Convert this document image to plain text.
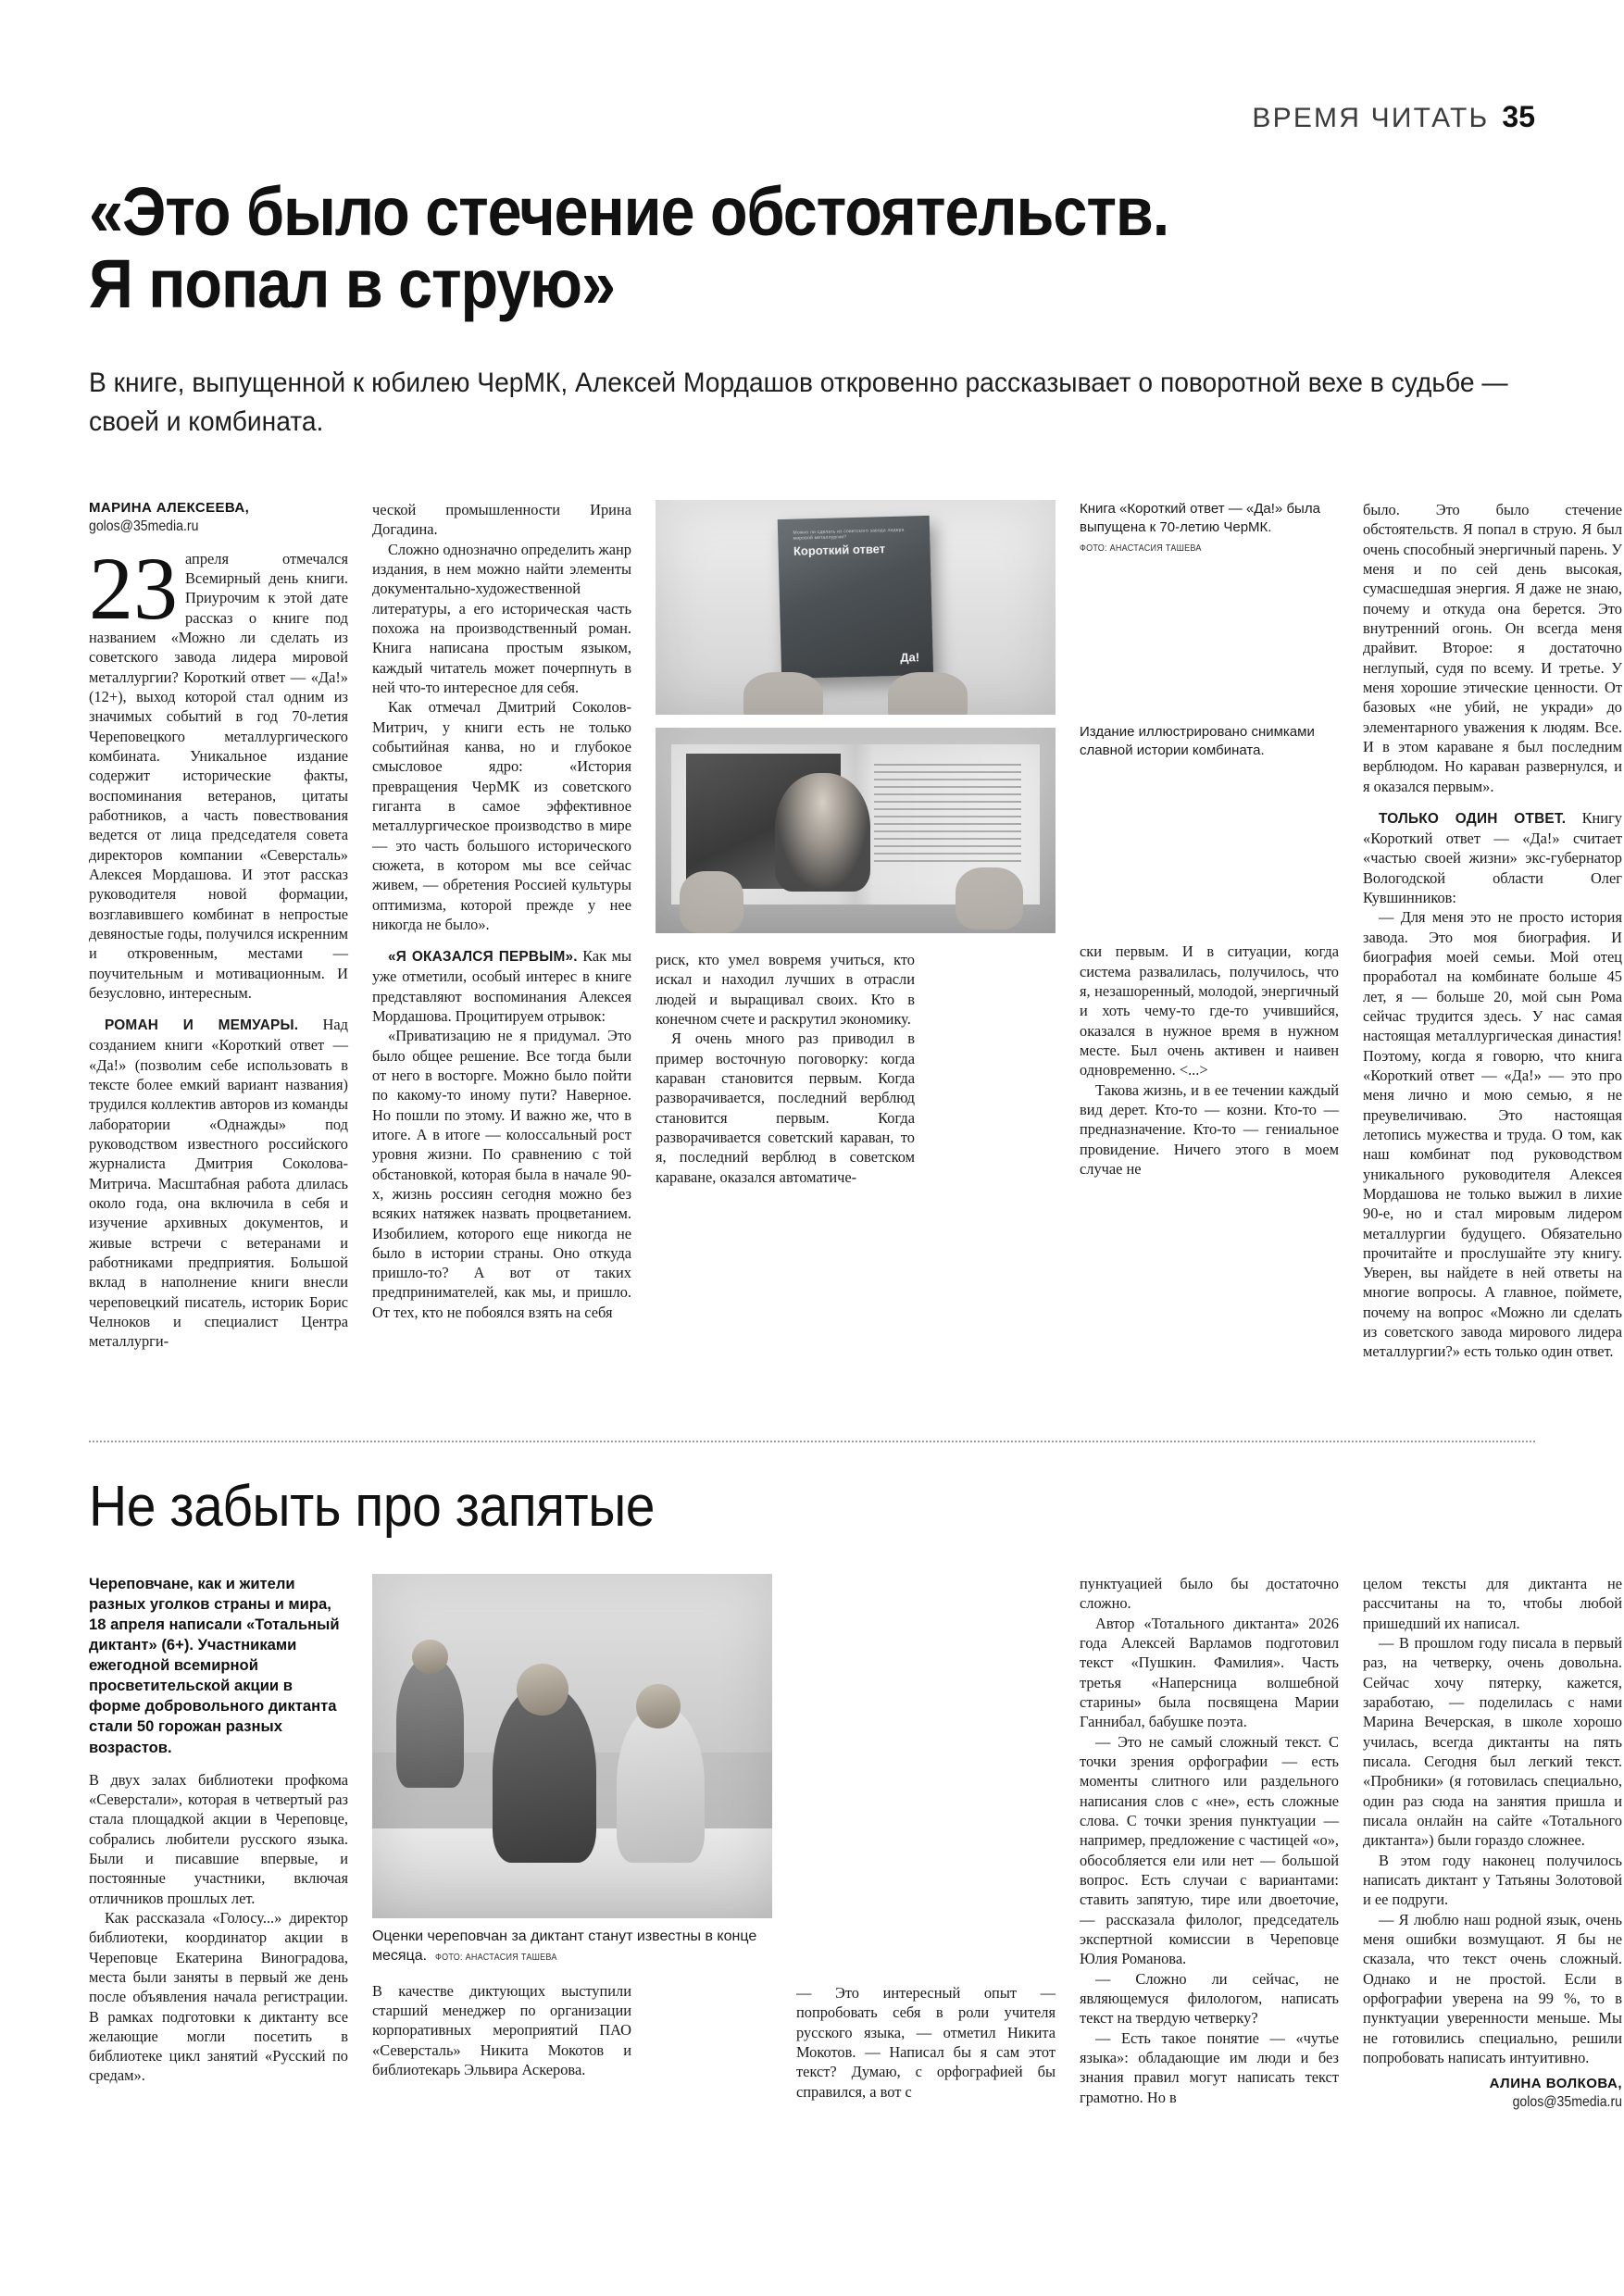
ВРЕМЯ ЧИТАТЬ 35
«Это было стечение обстоятельств.
Я попал в струю»
В книге, выпущенной к юбилею ЧерМК, Алексей Мордашов откровенно рассказывает о поворотной вехе в судьбе — своей и комбината.
МАРИНА АЛЕКСЕЕВА,
golos@35media.ru
23 апреля отмечался Всемирный день книги. Приурочим к этой дате рассказ о книге под названием «Можно ли сделать из советского завода лидера мировой металлургии? Короткий ответ — «Да!» (12+), выход которой стал одним из значимых событий в год 70-летия Череповецкого металлургического комбината. Уникальное издание содержит исторические факты, воспоминания ветеранов, цитаты работников, а часть повествования ведется от лица председателя совета директоров компании «Северсталь» Алексея Мордашова. И этот рассказ руководителя новой формации, возглавившего комбинат в непростые девяностые годы, получился искренним и откровенным, местами — поучительным и мотивационным. И безусловно, интересным.

РОМАН И МЕМУАРЫ. Над созданием книги «Короткий ответ — «Да!» (позволим себе использовать в тексте более емкий вариант названия) трудился коллектив авторов из команды лаборатории «Однажды» под руководством известного российского журналиста Дмитрия Соколова-Митрича. Масштабная работа длилась около года, она включила в себя и изучение архивных документов, и живые встречи с ветеранами и работниками предприятия. Большой вклад в наполнение книги внесли череповецкий писатель, историк Борис Челноков и специалист Центра металлурги-

ческой промышленности Ирина Догадина.

Сложно однозначно определить жанр издания, в нем можно найти элементы документально-художественной литературы, а его историческая часть похожа на производственный роман. Книга написана простым языком, каждый читатель может почерпнуть в ней что-то интересное для себя.

Как отмечал Дмитрий Соколов-Митрич, у книги есть не только событийная канва, но и глубокое смысловое ядро: «История превращения ЧерМК из советского гиганта в самое эффективное металлургическое производство в мире — это часть большого исторического сюжета, в котором мы все сейчас живем, — обретения Россией культуры оптимизма, которой прежде у нее никогда не было».

«Я ОКАЗАЛСЯ ПЕРВЫМ». Как мы уже отметили, особый интерес в книге представляют воспоминания Алексея Мордашова. Процитируем отрывок:

«Приватизацию не я придумал. Это было общее решение. Все тогда были от него в восторге. Можно было пойти по какому-то иному пути? Наверное. Но пошли по этому. И важно же, что в итоге. А в итоге — колоссальный рост уровня жизни. По сравнению с той обстановкой, которая была в начале 90-х, жизнь россиян сегодня можно без всяких натяжек назвать процветанием. Изобилием, которого еще никогда не было в истории страны. Оно откуда пришло-то? А вот от таких предпринимателей, как мы, и пришло. От тех, кто не побоялся взять на себя

Можно ли сделать из советского завода лидера мировой металлургии?
Короткий ответ
Да!

риск, кто умел вовремя учиться, кто искал и находил лучших в отрасли людей и выращивал своих. Кто в конечном счете и раскрутил экономику.

Я очень много раз приводил в пример восточную поговорку: когда караван становится первым. Когда разворачивается, последний верблюд становится первым. Когда разворачивается советский караван, то я, последний верблюд в советском караване, оказался автоматиче-

Книга «Короткий ответ — «Да!» была выпущена к 70-летию ЧерМК.
ФОТО: АНАСТАСИЯ ТАШЕВА
Издание иллюстрировано снимками славной истории комбината.

ски первым. И в ситуации, когда система развалилась, получилось, что я, незашоренный, молодой, энергичный и хоть чему-то где-то учившийся, оказался в нужное время в нужном месте. Был очень активен и наивен одновременно. <...>

Такова жизнь, и в ее течении каждый вид дерет. Кто-то — козни. Кто-то — предназначение. Кто-то — гениальное провидение. Ничего этого в моем случае не

было. Это было стечение обстоятельств. Я попал в струю. Я был очень способный энергичный парень. У меня и по сей день высокая, сумасшедшая энергия. Я даже не знаю, почему и откуда она берется. Это внутренний огонь. Он всегда меня драйвит. Второе: я достаточно неглупый, судя по всему. И третье. У меня хорошие этические ценности. От базовых «не убий, не укради» до элементарного уважения к людям. Все. И в этом караване я был последним верблюдом. Но караван развернулся, и я оказался первым».

ТОЛЬКО ОДИН ОТВЕТ. Книгу «Короткий ответ — «Да!» считает «частью своей жизни» экс-губернатор Вологодской области Олег Кувшинников:

— Для меня это не просто история завода. Это моя биография. И биография моей семьи. Мой отец проработал на комбинате больше 45 лет, я — больше 20, мой сын Рома сейчас трудится здесь. У нас самая настоящая металлургическая династия! Поэтому, когда я говорю, что книга «Короткий ответ — «Да!» — это про меня лично и мою семью, я не преувеличиваю. Это настоящая летопись мужества и труда. О том, как наш комбинат под руководством уникального руководителя Алексея Мордашова не только выжил в лихие 90-е, но и стал мировым лидером металлургии будущего. Обязательно прочитайте и прослушайте эту книгу. Уверен, вы найдете в ней ответы на многие вопросы. А главное, поймете, почему на вопрос «Можно ли сделать из советского завода мирового лидера металлургии?» есть только один ответ.

Не забыть про запятые

Череповчане, как и жители разных уголков страны и мира, 18 апреля написали «Тотальный диктант» (6+). Участниками ежегодной всемирной просветительской акции в форме добровольного диктанта стали 50 горожан разных возрастов.

В двух залах библиотеки профкома «Северстали», которая в четвертый раз стала площадкой акции в Череповце, собрались любители русского языка. Были и писавшие впервые, и постоянные участники, включая отличников прошлых лет.

Как рассказала «Голосу...» директор библиотеки, координатор акции в Череповце Екатерина Виноградова, места были заняты в первый же день после объявления начала регистрации. В рамках подготовки к диктанту все желающие могли посетить в библиотеке цикл занятий «Русский по средам».

Оценки череповчан за диктант станут известны в конце месяца. ФОТО: АНАСТАСИЯ ТАШЕВА

В качестве диктующих выступили старший менеджер по организации корпоративных мероприятий ПАО «Северсталь» Никита Мокотов и библиотекарь Эльвира Аскерова.

— Это интересный опыт — попробовать себя в роли учителя русского языка, — отметил Никита Мокотов. — Написал бы я сам этот текст? Думаю, с орфографией бы справился, а вот с

пунктуацией было бы достаточно сложно.

Автор «Тотального диктанта» 2026 года Алексей Варламов подготовил текст «Пушкин. Фамилия». Часть третья «Наперсница волшебной старины» была посвящена Марии Ганнибал, бабушке поэта.

— Это не самый сложный текст. С точки зрения орфографии — есть моменты слитного или раздельного написания слов с «не», есть сложные слова. С точки зрения пунктуации — например, предложение с частицей «о», обособляется ели или нет — большой вопрос. Есть случаи с вариантами: ставить запятую, тире или двоеточие, — рассказала филолог, председатель экспертной комиссии в Череповце Юлия Романова.

— Сложно ли сейчас, не являющемуся филологом, написать текст на твердую четверку?

— Есть такое понятие — «чутье языка»: обладающие им люди и без знания правил могут написать текст грамотно. Но в

целом тексты для диктанта не рассчитаны на то, чтобы любой пришедший их написал.

— В прошлом году писала в первый раз, на четверку, очень довольна. Сейчас хочу пятерку, кажется, заработаю, — поделилась с нами Марина Вечерская, в школе хорошо училась, всегда диктанты на пять писала. Сегодня был легкий текст. «Пробники» (я готовилась специально, один раз сюда на занятия пришла и писала онлайн на сайте «Тотального диктанта») были гораздо сложнее.

В этом году наконец получилось написать диктант у Татьяны Золотовой и ее подруги.

— Я люблю наш родной язык, очень меня ошибки возмущают. Я бы не сказала, что текст очень сложный. Однако и не простой. Если в орфографии уверена на 99 %, то в пунктуации уверенности меньше. Мы не готовились специально, решили попробовать написать интуитивно.

АЛИНА ВОЛКОВА,
golos@35media.ru
